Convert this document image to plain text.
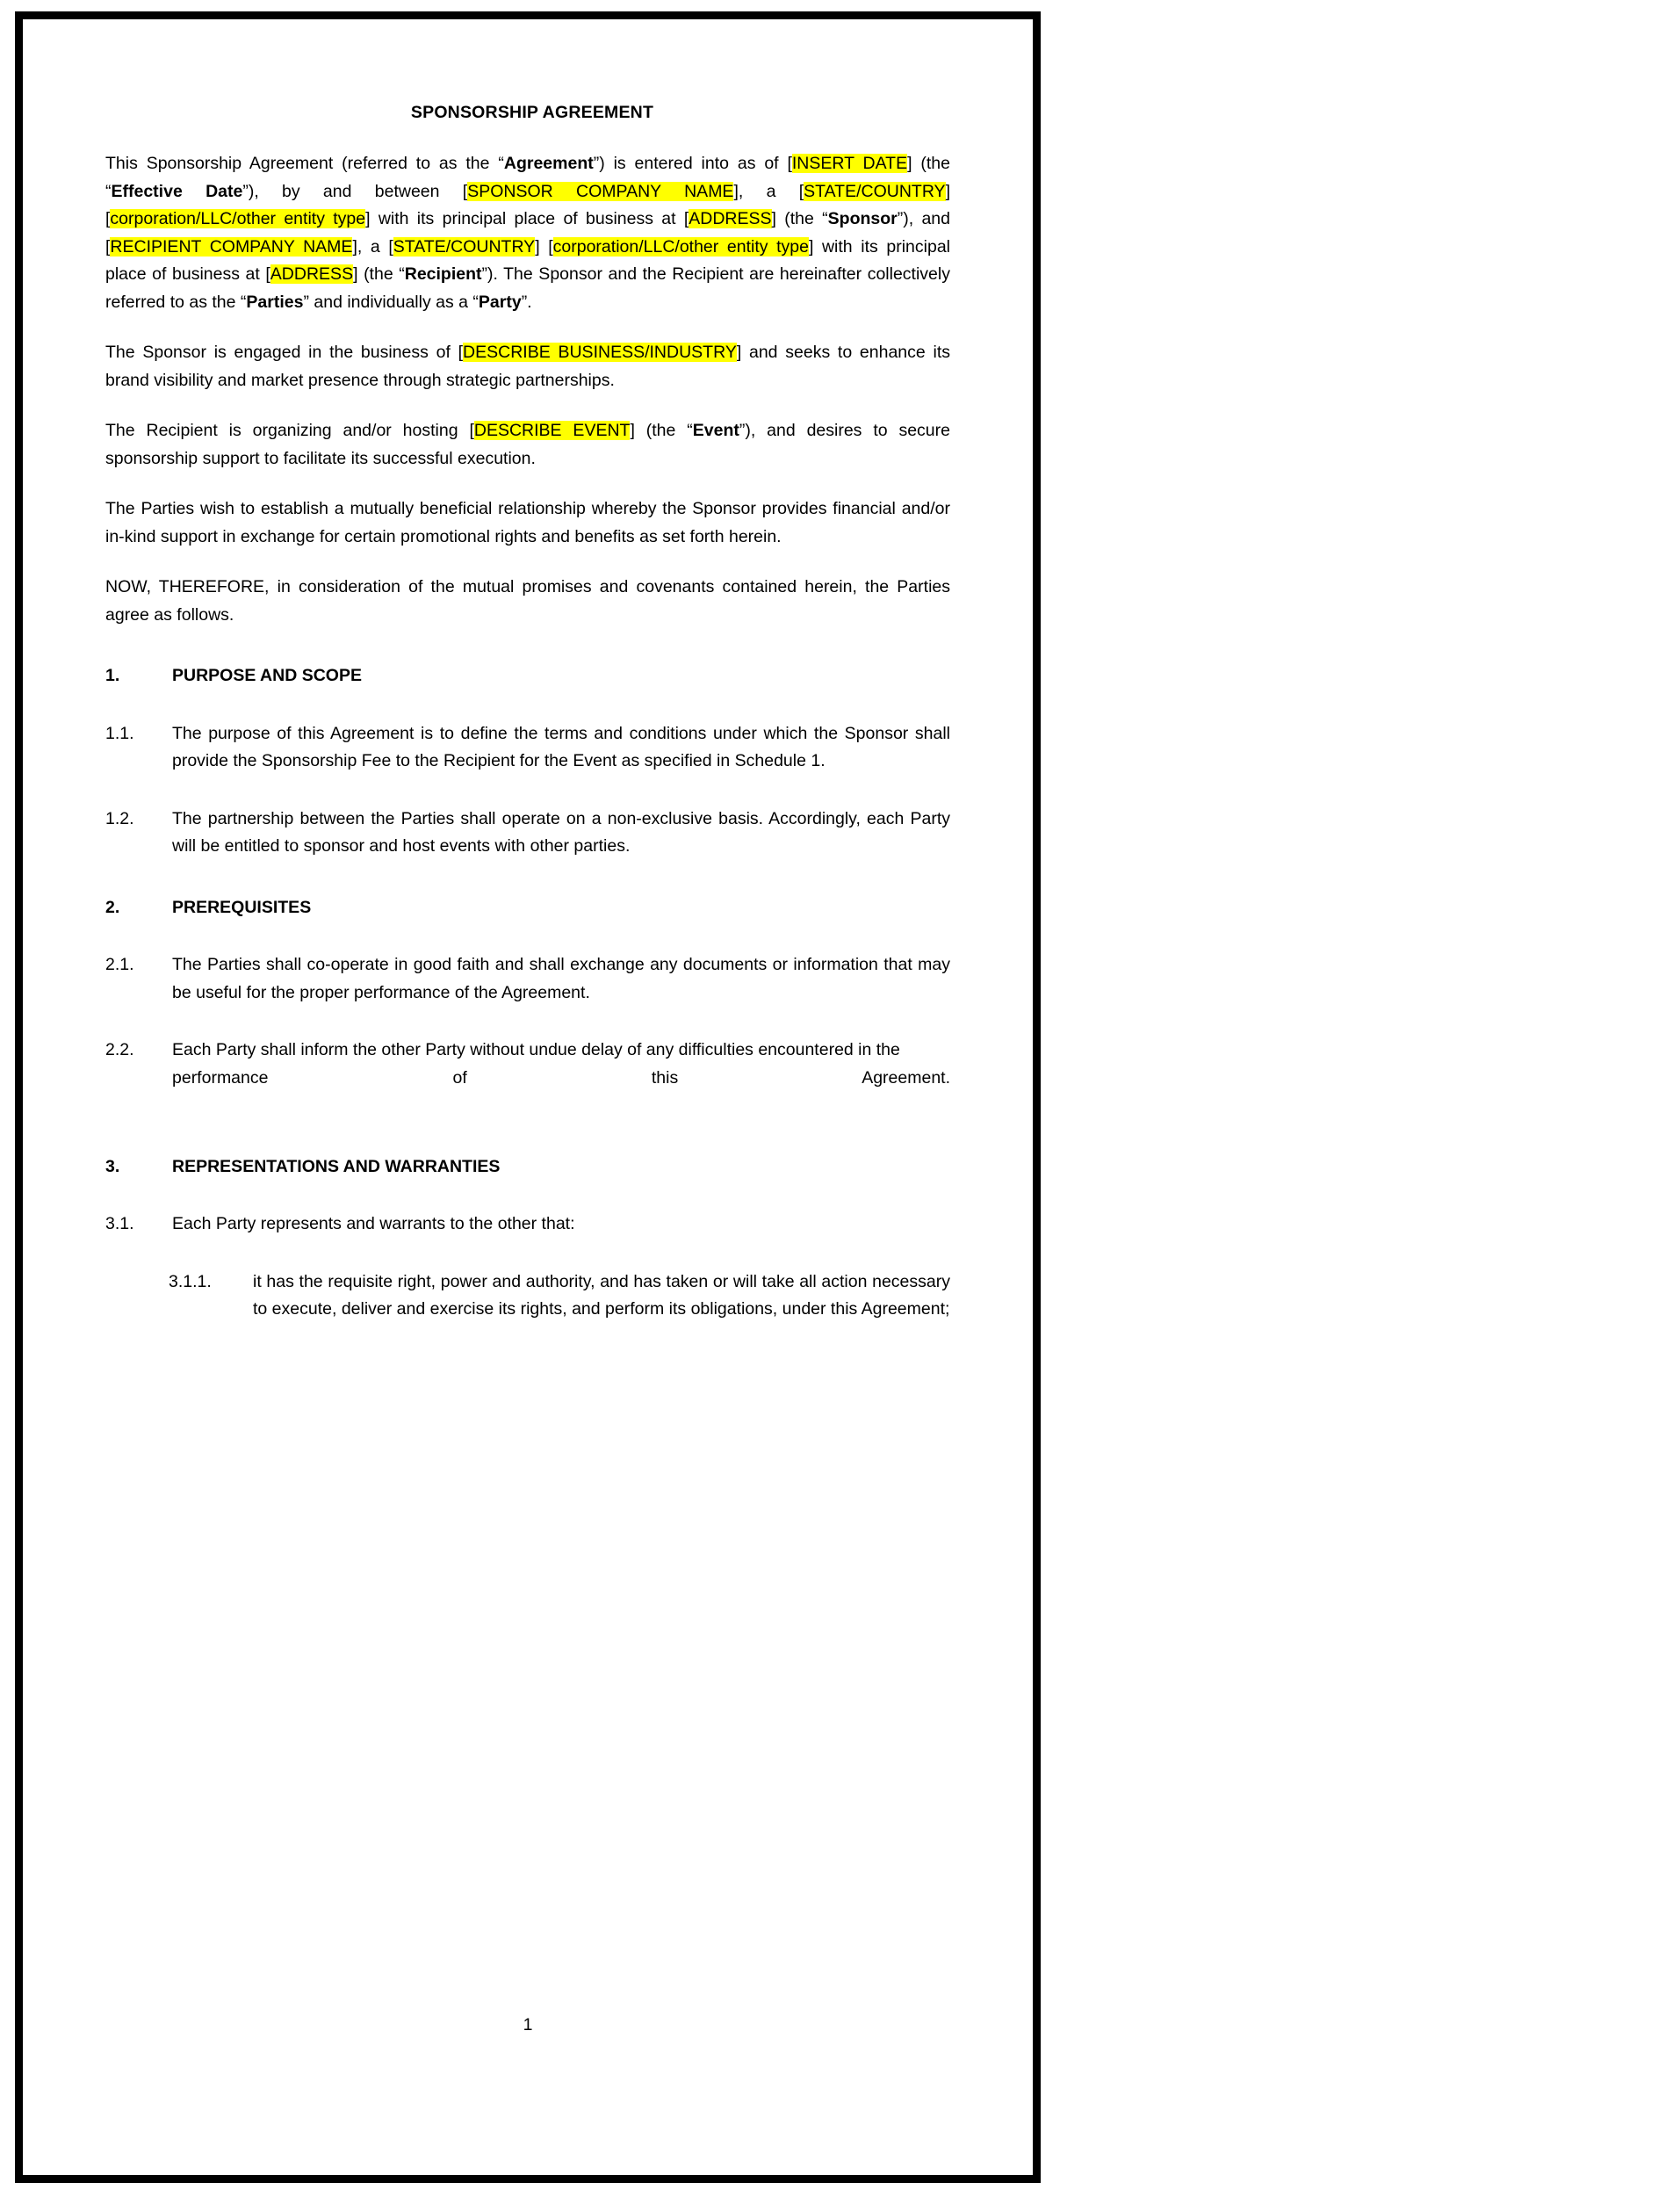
SPONSORSHIP AGREEMENT

This Sponsorship Agreement (referred to as the “Agreement”) is entered into as of [INSERT DATE] (the “Effective Date”), by and between [SPONSOR COMPANY NAME], a [STATE/COUNTRY] [corporation/LLC/other entity type] with its principal place of business at [ADDRESS] (the “Sponsor”), and [RECIPIENT COMPANY NAME], a [STATE/COUNTRY] [corporation/LLC/other entity type] with its principal place of business at [ADDRESS] (the “Recipient”). The Sponsor and the Recipient are hereinafter collectively referred to as the “Parties” and individually as a “Party”.

The Sponsor is engaged in the business of [DESCRIBE BUSINESS/INDUSTRY] and seeks to enhance its brand visibility and market presence through strategic partnerships.

The Recipient is organizing and/or hosting [DESCRIBE EVENT] (the “Event”), and desires to secure sponsorship support to facilitate its successful execution.

The Parties wish to establish a mutually beneficial relationship whereby the Sponsor provides financial and/or in-kind support in exchange for certain promotional rights and benefits as set forth herein.

NOW, THEREFORE, in consideration of the mutual promises and covenants contained herein, the Parties agree as follows.

1.	PURPOSE AND SCOPE
1.1.	The purpose of this Agreement is to define the terms and conditions under which the Sponsor shall provide the Sponsorship Fee to the Recipient for the Event as specified in Schedule 1.
1.2.	The partnership between the Parties shall operate on a non-exclusive basis. Accordingly, each Party will be entitled to sponsor and host events with other parties.
2.	PREREQUISITES
2.1.	The Parties shall co-operate in good faith and shall exchange any documents or information that may be useful for the proper performance of the Agreement.
2.2.	Each Party shall inform the other Party without undue delay of any difficulties encountered in the
performance of this Agreement.
3.	REPRESENTATIONS AND WARRANTIES
3.1.	Each Party represents and warrants to the other that:
3.1.1.	it has the requisite right, power and authority, and has taken or will take all action necessary to execute, deliver and exercise its rights, and perform its obligations, under this Agreement;
1
